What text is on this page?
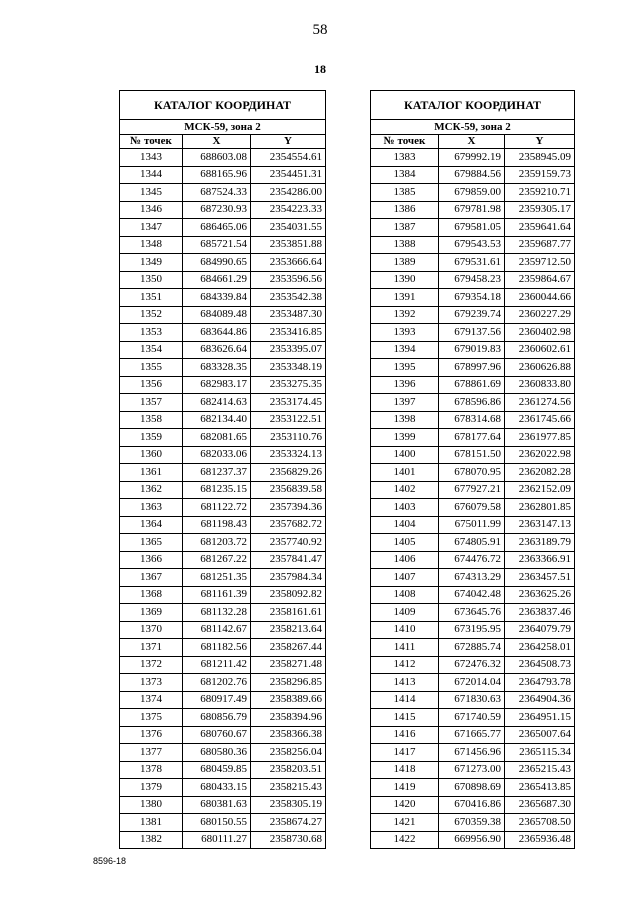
58
18
КАТАЛОГ КООРДИНАТ		
МСК-59, зона 2		
№ точек	X	Y
1343	688603.08	2354554.61
1344	688165.96	2354451.31
1345	687524.33	2354286.00
1346	687230.93	2354223.33
1347	686465.06	2354031.55
1348	685721.54	2353851.88
1349	684990.65	2353666.64
1350	684661.29	2353596.56
1351	684339.84	2353542.38
1352	684089.48	2353487.30
1353	683644.86	2353416.85
1354	683626.64	2353395.07
1355	683328.35	2353348.19
1356	682983.17	2353275.35
1357	682414.63	2353174.45
1358	682134.40	2353122.51
1359	682081.65	2353110.76
1360	682033.06	2353324.13
1361	681237.37	2356829.26
1362	681235.15	2356839.58
1363	681122.72	2357394.36
1364	681198.43	2357682.72
1365	681203.72	2357740.92
1366	681267.22	2357841.47
1367	681251.35	2357984.34
1368	681161.39	2358092.82
1369	681132.28	2358161.61
1370	681142.67	2358213.64
1371	681182.56	2358267.44
1372	681211.42	2358271.48
1373	681202.76	2358296.85
1374	680917.49	2358389.66
1375	680856.79	2358394.96
1376	680760.67	2358366.38
1377	680580.36	2358256.04
1378	680459.85	2358203.51
1379	680433.15	2358215.43
1380	680381.63	2358305.19
1381	680150.55	2358674.27
1382	680111.27	2358730.68
КАТАЛОГ КООРДИНАТ		
МСК-59, зона 2		
№ точек	X	Y
1383	679992.19	2358945.09
1384	679884.56	2359159.73
1385	679859.00	2359210.71
1386	679781.98	2359305.17
1387	679581.05	2359641.64
1388	679543.53	2359687.77
1389	679531.61	2359712.50
1390	679458.23	2359864.67
1391	679354.18	2360044.66
1392	679239.74	2360227.29
1393	679137.56	2360402.98
1394	679019.83	2360602.61
1395	678997.96	2360626.88
1396	678861.69	2360833.80
1397	678596.86	2361274.56
1398	678314.68	2361745.66
1399	678177.64	2361977.85
1400	678151.50	2362022.98
1401	678070.95	2362082.28
1402	677927.21	2362152.09
1403	676079.58	2362801.85
1404	675011.99	2363147.13
1405	674805.91	2363189.79
1406	674476.72	2363366.91
1407	674313.29	2363457.51
1408	674042.48	2363625.26
1409	673645.76	2363837.46
1410	673195.95	2364079.79
1411	672885.74	2364258.01
1412	672476.32	2364508.73
1413	672014.04	2364793.78
1414	671830.63	2364904.36
1415	671740.59	2364951.15
1416	671665.77	2365007.64
1417	671456.96	2365115.34
1418	671273.00	2365215.43
1419	670898.69	2365413.85
1420	670416.86	2365687.30
1421	670359.38	2365708.50
1422	669956.90	2365936.48
8596-18
